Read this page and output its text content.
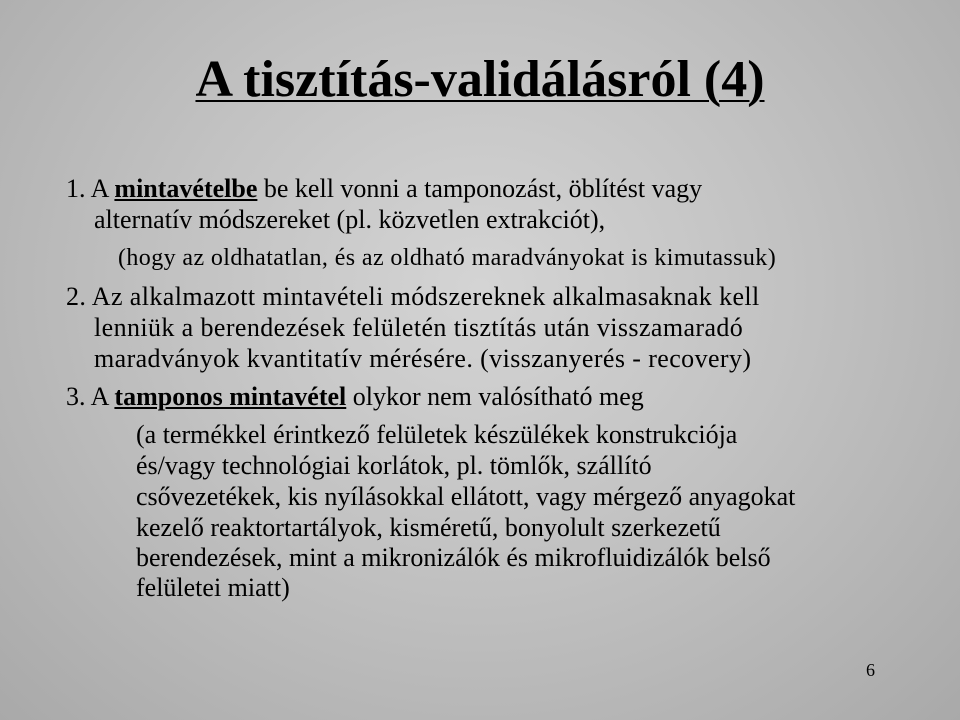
A tisztítás-validálásról (4)
1. A mintavételbe be kell vonni a tamponozást, öblítést vagy
alternatív módszereket (pl. közvetlen extrakciót),
(hogy az oldhatatlan, és az oldható maradványokat is kimutassuk)
2. Az alkalmazott mintavételi módszereknek alkalmasaknak kell
lenniük a berendezések felületén tisztítás után visszamaradó
maradványok kvantitatív mérésére. (visszanyerés - recovery)
3. A tamponos mintavétel olykor nem valósítható meg
(a termékkel érintkező felületek készülékek konstrukciója
és/vagy technológiai korlátok, pl. tömlők, szállító
csővezetékek, kis nyílásokkal ellátott, vagy mérgező anyagokat
kezelő reaktortartályok, kisméretű, bonyolult szerkezetű
berendezések, mint a mikronizálók és mikrofluidizálók belső
felületei miatt)
6
